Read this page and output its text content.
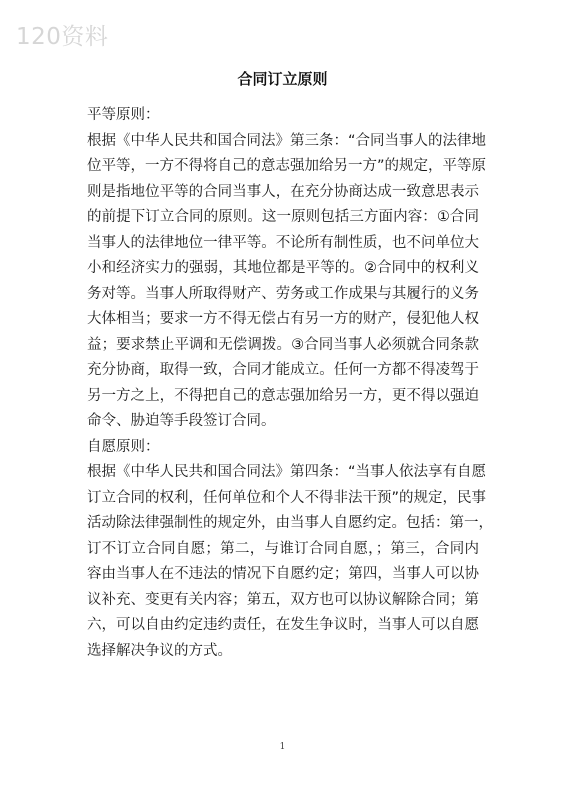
120资料
合同订立原则
平等原则：
根据《中华人民共和国合同法》第三条：“合同当事人的法律地
位平等，一方不得将自己的意志强加给另一方”的规定，平等原
则是指地位平等的合同当事人，在充分协商达成一致意思表示
的前提下订立合同的原则。这一原则包括三方面内容：①合同
当事人的法律地位一律平等。不论所有制性质，也不问单位大
小和经济实力的强弱，其地位都是平等的。②合同中的权利义
务对等。当事人所取得财产、劳务或工作成果与其履行的义务
大体相当；要求一方不得无偿占有另一方的财产，侵犯他人权
益；要求禁止平调和无偿调拨。③合同当事人必须就合同条款
充分协商，取得一致，合同才能成立。任何一方都不得凌驾于
另一方之上，不得把自己的意志强加给另一方，更不得以强迫
命令、胁迫等手段签订合同。
自愿原则：
根据《中华人民共和国合同法》第四条：“当事人依法享有自愿
订立合同的权利，任何单位和个人不得非法干预”的规定，民事
活动除法律强制性的规定外，由当事人自愿约定。包括：第一，
订不订立合同自愿；第二，与谁订合同自愿，；第三，合同内
容由当事人在不违法的情况下自愿约定；第四，当事人可以协
议补充、变更有关内容；第五，双方也可以协议解除合同；第
六，可以自由约定违约责任，在发生争议时，当事人可以自愿
选择解决争议的方式。
1
